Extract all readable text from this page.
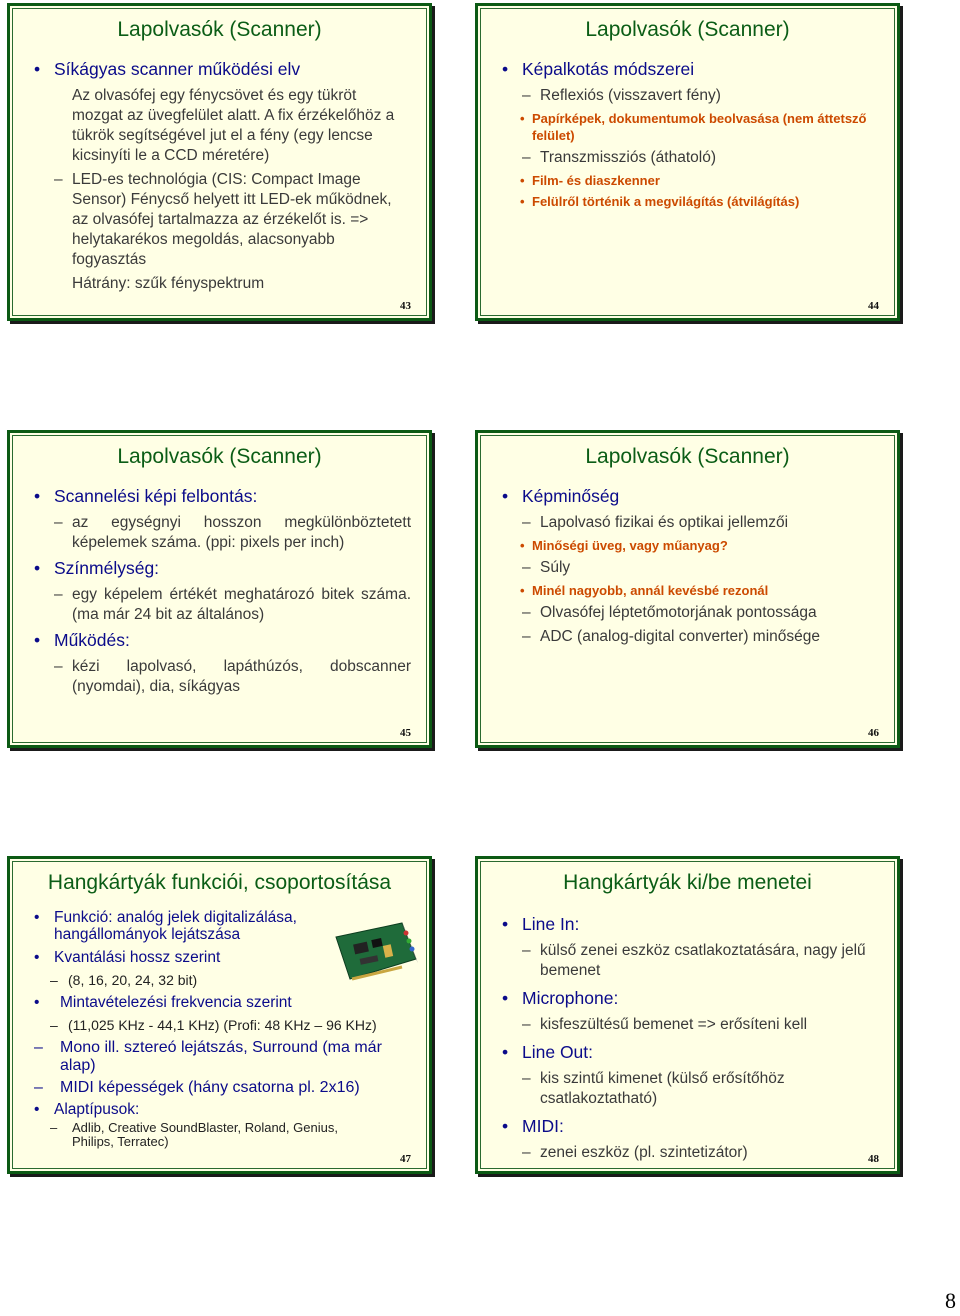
Lapolvasók (Scanner)
• Síkágyas scanner működési elv
Az olvasófej egy fénycsövet és egy tükröt mozgat az üvegfelület alatt. A fix érzékelőhöz a tükrök segítségével jut el a fény (egy lencse kicsinyíti le a CCD méretére)
– LED-es technológia (CIS: Compact Image Sensor) Fénycső helyett itt LED-ek működnek, az olvasófej tartalmazza az érzékelőt is. => helytakarékos megoldás, alacsonyabb fogyasztás
Hátrány: szűk fényspektrum
43
Lapolvasók (Scanner)
• Képalkotás módszerei
– Reflexiós (visszavert fény)
• Papírképek, dokumentumok beolvasása (nem áttetsző felület)
– Transzmissziós (áthatoló)
• Film- és diaszkenner
• Felülről történik a megvilágítás (átvilágítás)
44
Lapolvasók (Scanner)
• Scannelési képi felbontás:
– az egységnyi hosszon megkülönböztetett képelemek száma. (ppi: pixels per inch)
• Színmélység:
– egy képelem értékét meghatározó bitek száma. (ma már 24 bit az általános)
• Működés:
– kézi lapolvasó, lapáthúzós, dobscanner (nyomdai), dia, síkágyas
45
Lapolvasók (Scanner)
• Képminőség
– Lapolvasó fizikai és optikai jellemzői
• Minőségi üveg, vagy műanyag?
– Súly
• Minél nagyobb, annál kevésbé rezonál
– Olvasófej léptetőmotorjának pontossága
– ADC (analog-digital converter) minősége
46
Hangkártyák funkciói, csoportosítása
• Funkció: analóg jelek digitalizálása, hangállományok lejátszása
• Kvantálási hossz szerint
– (8, 16, 20, 24, 32 bit)
• Mintavételezési frekvencia szerint
– (11,025 KHz - 44,1 KHz) (Profi: 48 KHz – 96 KHz)
– Mono ill. sztereó lejátszás, Surround (ma már alap)
– MIDI képességek (hány csatorna pl. 2x16)
• Alaptípusok:
– Adlib, Creative SoundBlaster, Roland, Genius, Philips, Terratec)
47
Hangkártyák ki/be menetei
• Line In:
– külső zenei eszköz csatlakoztatására, nagy jelű bemenet
• Microphone:
– kisfeszültésű bemenet => erősíteni kell
• Line Out:
– kis szintű kimenet (külső erősítőhöz csatlakoztatható)
• MIDI:
– zenei eszköz (pl. szintetizátor)	48
8
